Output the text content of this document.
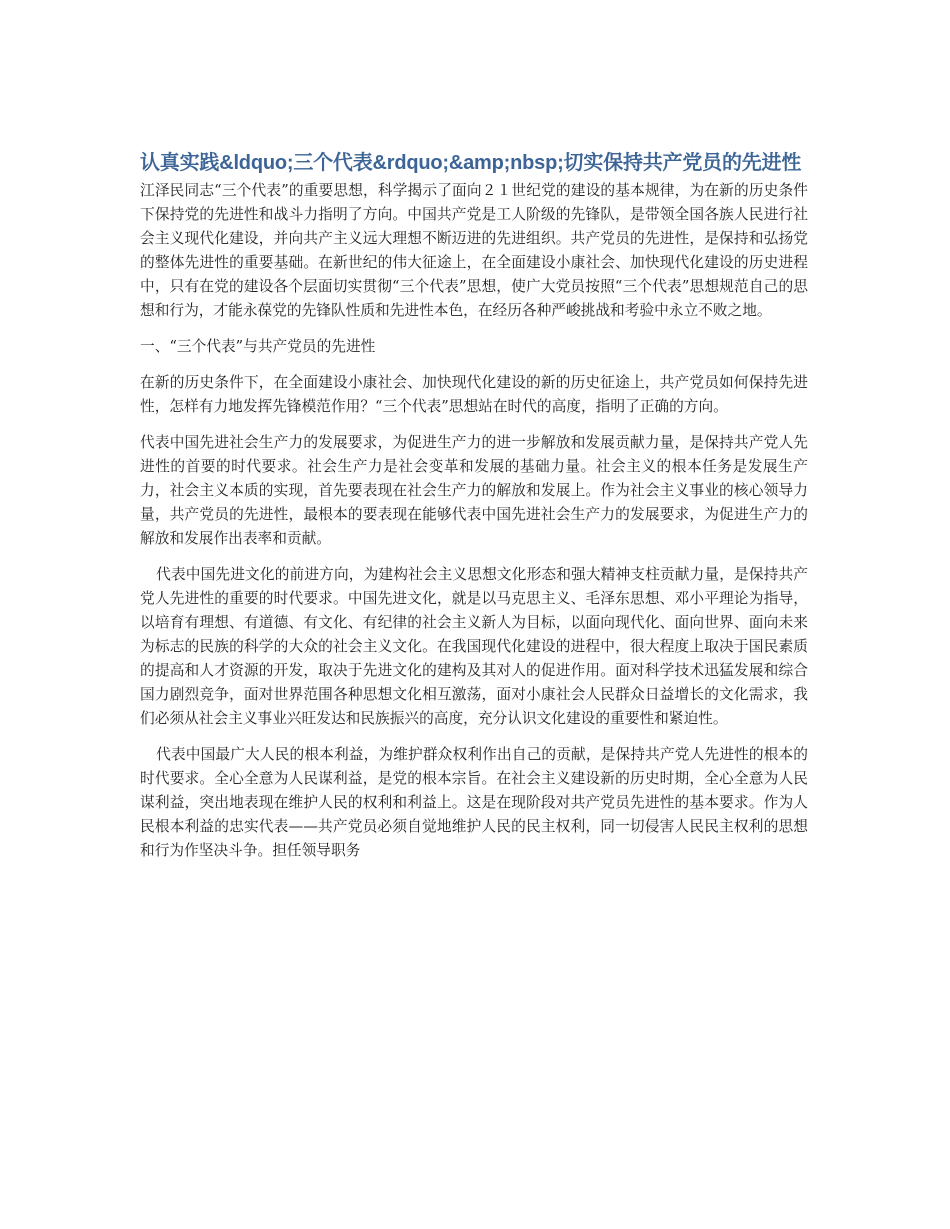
认真实践&ldquo;三个代表&rdquo;&amp;nbsp;切实保持共产党员的先进性

江泽民同志“三个代表”的重要思想，科学揭示了面向２１世纪党的建设的基本规律，为在新的历史条件下保持党的先进性和战斗力指明了方向。中国共产党是工人阶级的先锋队，是带领全国各族人民进行社会主义现代化建设，并向共产主义远大理想不断迈进的先进组织。共产党员的先进性，是保持和弘扬党的整体先进性的重要基础。在新世纪的伟大征途上，在全面建设小康社会、加快现代化建设的历史进程中，只有在党的建设各个层面切实贯彻“三个代表”思想，使广大党员按照“三个代表”思想规范自己的思想和行为，才能永葆党的先锋队性质和先进性本色，在经历各种严峻挑战和考验中永立不败之地。

一、“三个代表”与共产党员的先进性

在新的历史条件下，在全面建设小康社会、加快现代化建设的新的历史征途上，共产党员如何保持先进性，怎样有力地发挥先锋模范作用？“三个代表”思想站在时代的高度，指明了正确的方向。

代表中国先进社会生产力的发展要求，为促进生产力的进一步解放和发展贡献力量，是保持共产党人先进性的首要的时代要求。社会生产力是社会变革和发展的基础力量。社会主义的根本任务是发展生产力，社会主义本质的实现，首先要表现在社会生产力的解放和发展上。作为社会主义事业的核心领导力量，共产党员的先进性，最根本的要表现在能够代表中国先进社会生产力的发展要求，为促进生产力的解放和发展作出表率和贡献。

代表中国先进文化的前进方向，为建构社会主义思想文化形态和强大精神支柱贡献力量，是保持共产党人先进性的重要的时代要求。中国先进文化，就是以马克思主义、毛泽东思想、邓小平理论为指导，以培育有理想、有道德、有文化、有纪律的社会主义新人为目标，以面向现代化、面向世界、面向未来为标志的民族的科学的大众的社会主义文化。在我国现代化建设的进程中，很大程度上取决于国民素质的提高和人才资源的开发，取决于先进文化的建构及其对人的促进作用。面对科学技术迅猛发展和综合国力剧烈竞争，面对世界范围各种思想文化相互激荡，面对小康社会人民群众日益增长的文化需求，我们必须从社会主义事业兴旺发达和民族振兴的高度，充分认识文化建设的重要性和紧迫性。

代表中国最广大人民的根本利益，为维护群众权利作出自己的贡献，是保持共产党人先进性的根本的时代要求。全心全意为人民谋利益，是党的根本宗旨。在社会主义建设新的历史时期，全心全意为人民谋利益，突出地表现在维护人民的权利和利益上。这是在现阶段对共产党员先进性的基本要求。作为人民根本利益的忠实代表——共产党员必须自觉地维护人民的民主权利，同一切侵害人民民主权利的思想和行为作坚决斗争。担任领导职务
